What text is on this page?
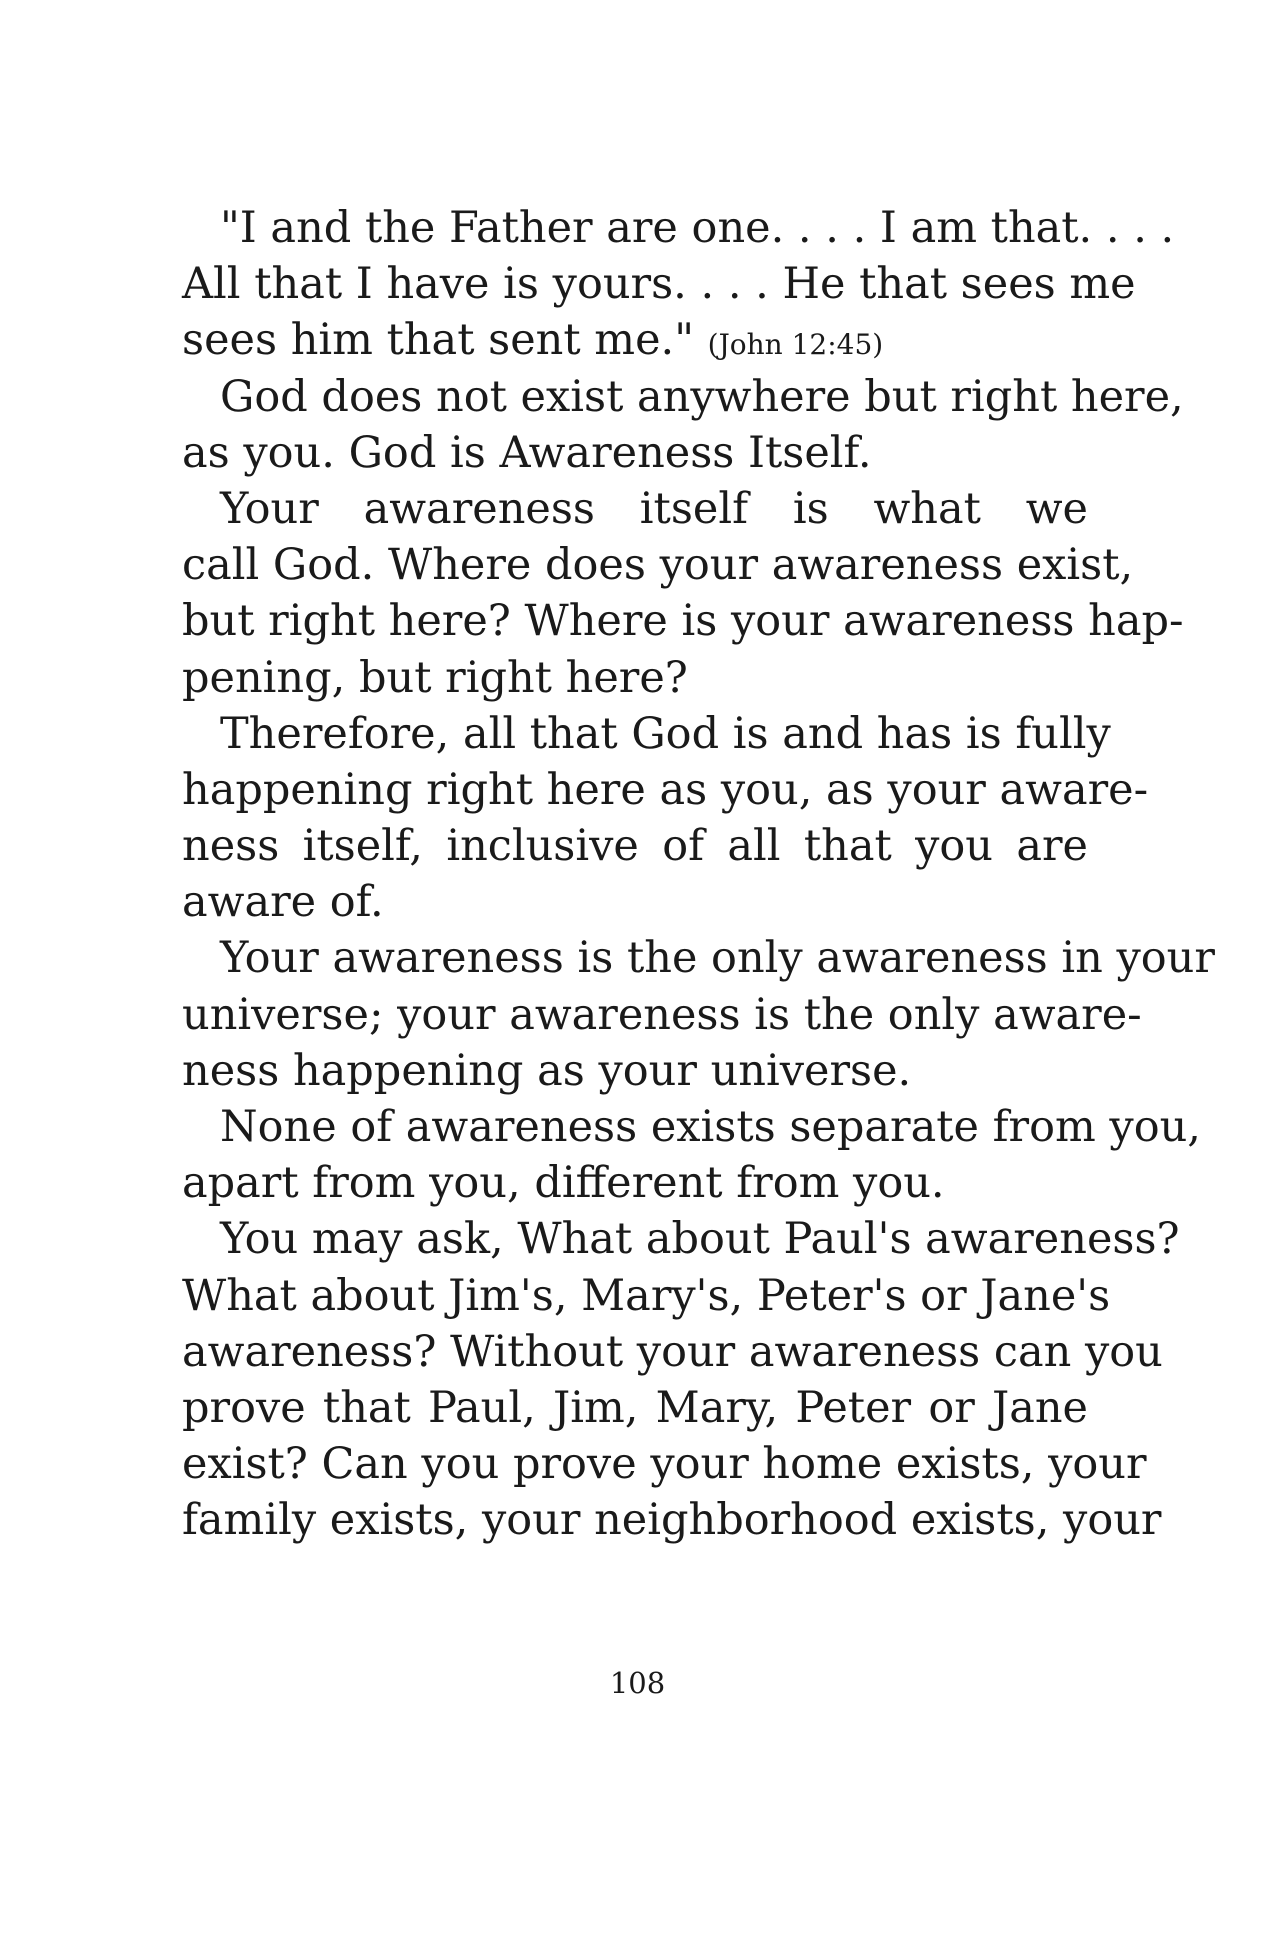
"I and the Father are one. . . . I am that. . . .
All that I have is yours. . . . He that sees me
sees him that sent me." (John 12:45)
God does not exist anywhere but right here,
as you. God is Awareness Itself.
Your awareness itself is what we
call God. Where does your awareness exist,
but right here? Where is your awareness hap-
pening, but right here?
Therefore, all that God is and has is fully
happening right here as you, as your aware-
ness itself, inclusive of all that you are
aware of.
Your awareness is the only awareness in your
universe; your awareness is the only aware-
ness happening as your universe.
None of awareness exists separate from you,
apart from you, different from you.
You may ask, What about Paul's awareness?
What about Jim's, Mary's, Peter's or Jane's
awareness? Without your awareness can you
prove that Paul, Jim, Mary, Peter or Jane
exist? Can you prove your home exists, your
family exists, your neighborhood exists, your
108
